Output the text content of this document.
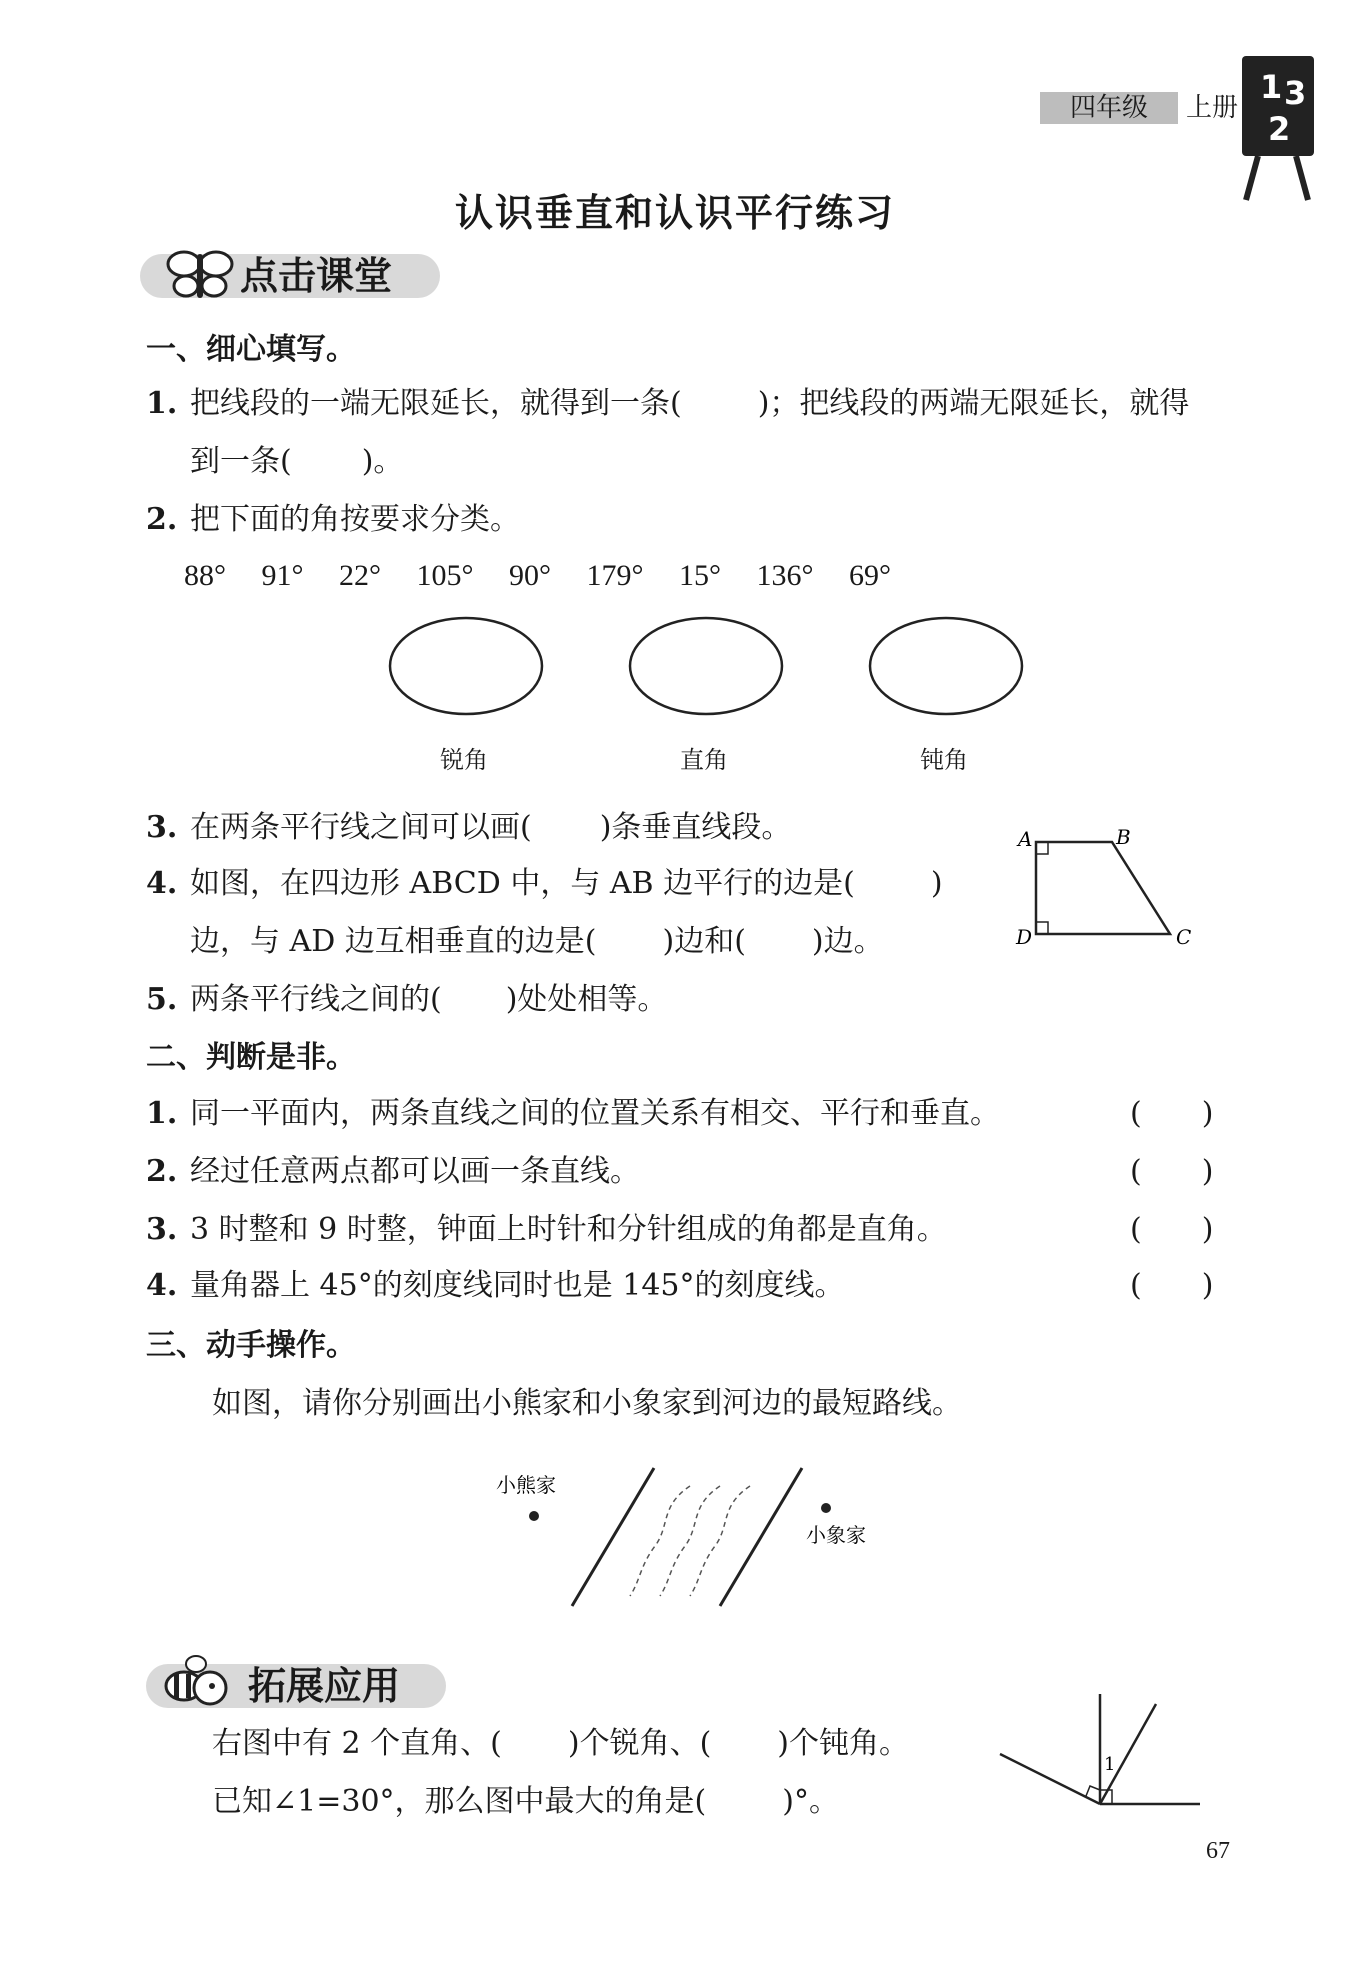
四年级	上册
1 3
2
认识垂直和认识平行练习
点击课堂
一、细心填写。
1. 把线段的一端无限延长，就得到一条(	)；把线段的两端无限延长，就得
到一条( )。
2. 把下面的角按要求分类。
88° 91° 22° 105° 90° 179° 15° 136° 69°
锐角	直角	钝角
3. 在两条平行线之间可以画( )条垂直线段。
4. 如图，在四边形 ABCD 中，与 AB 边平行的边是(	)
边，与 AD 边互相垂直的边是( )边和( )边。
A	B
C
D
5. 两条平行线之间的( )处处相等。
二、判断是非。
1. 同一平面内，两条直线之间的位置关系有相交、平行和垂直。	(　　)
2. 经过任意两点都可以画一条直线。	(　　)
3. 3 时整和 9 时整，钟面上时针和分针组成的角都是直角。	(　　)
4. 量角器上 45°的刻度线同时也是 145°的刻度线。	(　　)
三、动手操作。
如图，请你分别画出小熊家和小象家到河边的最短路线。
小熊家
小象家
拓展应用
右图中有 2 个直角、( )个锐角、( )个钝角。
已知∠1=30°，那么图中最大的角是(	)°。
1
67
